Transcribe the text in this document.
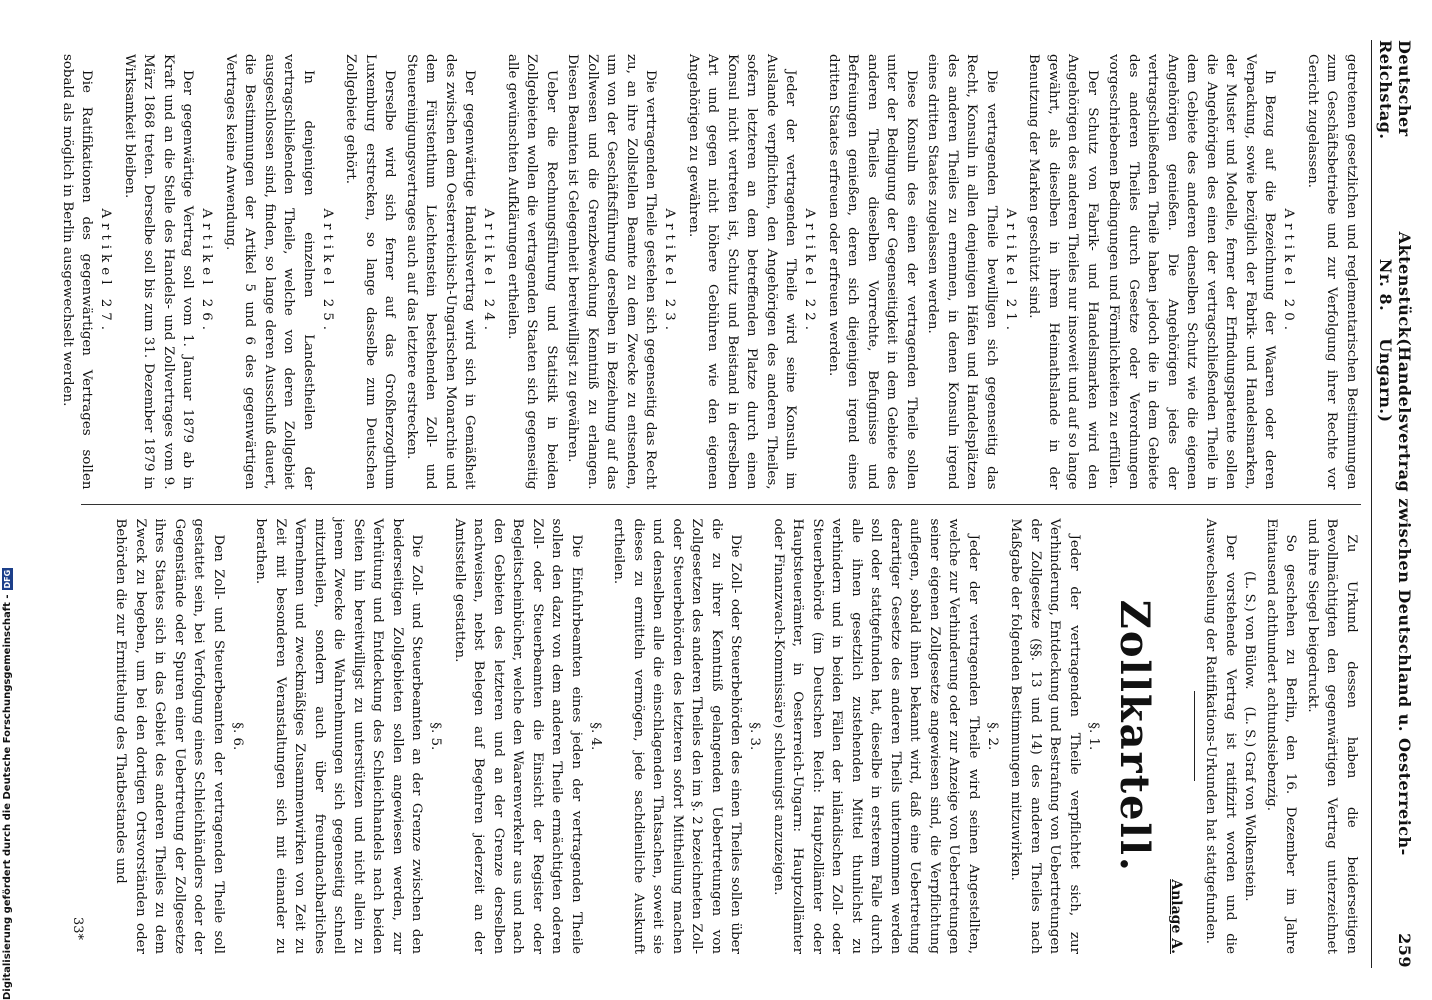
Deutscher Reichstag.
Aktenstück Nr. 8.
(Handelsvertrag zwischen Deutschland u. Oesterreich-Ungarn.)
259

getretenen gesetzlichen und reglementarischen Bestimmungen zum Geschäftsbetriebe und zur Verfolgung ihrer Rechte vor Gericht zugelassen.

Artikel 20.

In Bezug auf die Bezeichnung der Waaren oder deren Verpackung, sowie bezüglich der Fabrik- und Handelsmarken, der Muster und Modelle, ferner der Erfindungspatente sollen die Angehörigen des einen der vertragschließenden Theile in dem Gebiete des anderen denselben Schutz wie die eigenen Angehörigen genießen. Die Angehörigen jedes der vertragschließenden Theile haben jedoch die in dem Gebiete des anderen Theiles durch Gesetze oder Verordnungen vorgeschriebenen Bedingungen und Förmlichkeiten zu erfüllen.

Der Schutz von Fabrik- und Handelsmarken wird den Angehörigen des anderen Theiles nur insoweit und auf so lange gewährt, als dieselben in ihrem Heimathslande in der Benutzung der Marken geschützt sind.

Artikel 21.

Die vertragenden Theile bewilligen sich gegenseitig das Recht, Konsuln in allen denjenigen Häfen und Handelsplätzen des anderen Theiles zu ernennen, in denen Konsuln irgend eines dritten Staates zugelassen werden.

Diese Konsuln des einen der vertragenden Theile sollen unter der Bedingung der Gegenseitigkeit in dem Gebiete des anderen Theiles dieselben Vorrechte, Befugnisse und Befreiungen genießen, deren sich diejenigen irgend eines dritten Staates erfreuen oder erfreuen werden.

Artikel 22.

Jeder der vertragenden Theile wird seine Konsuln im Auslande verpflichten, den Angehörigen des anderen Theiles, sofern letzteren an dem betreffenden Platze durch einen Konsul nicht vertreten ist, Schutz und Beistand in derselben Art und gegen nicht höhere Gebühren wie den eigenen Angehörigen zu gewähren.

Artikel 23.

Die vertragenden Theile gestehen sich gegenseitig das Recht zu, an ihre Zollstellen Beamte zu dem Zwecke zu entsenden, um von der Geschäftsführung derselben in Beziehung auf das Zollwesen und die Grenzbewachung Kenntniß zu erlangen. Diesen Beamten ist Gelegenheit bereitwilligst zu gewähren.

Ueber die Rechnungsführung und Statistik in beiden Zollgebieten wollen die vertragenden Staaten sich gegenseitig alle gewünschten Aufklärungen ertheilen.

Artikel 24.

Der gegenwärtige Handelsvertrag wird sich in Gemäßheit des zwischen dem Oesterreichisch-Ungarischen Monarchie und dem Fürstenthum Liechtenstein bestehenden Zoll- und Steuereinigungsvertrages auch auf das letztere erstrecken.

Derselbe wird sich ferner auf das Großherzogthum Luxemburg erstrecken, so lange dasselbe zum Deutschen Zollgebiete gehört.

Artikel 25.

In denjenigen einzelnen Landestheilen der vertragschließenden Theile, welche von deren Zollgebiet ausgeschlossen sind, finden, so lange deren Ausschluß dauert, die Bestimmungen der Artikel 5 und 6 des gegenwärtigen Vertrages keine Anwendung.

Artikel 26.

Der gegenwärtige Vertrag soll vom 1. Januar 1879 ab in Kraft und an die Stelle des Handels- und Zollvertrages vom 9. März 1868 treten. Derselbe soll bis zum 31. Dezember 1879 in Wirksamkeit bleiben.

Artikel 27.

Die Ratifikationen des gegenwärtigen Vertrages sollen sobald als möglich in Berlin ausgewechselt werden.

Zu Urkund dessen haben die beiderseitigen Bevollmächtigten den gegenwärtigen Vertrag unterzeichnet und ihre Siegel beigedruckt.

So geschehen zu Berlin, den 16. Dezember im Jahre Eintausend achthundert achtundsiebenzig.

(L. S.) von Bülow.    (L. S.) Graf von Wolkenstein.

Der vorstehende Vertrag ist ratifizirt worden und die Auswechselung der Ratifikations-Urkunden hat stattgefunden.

Anlage A.
Zollkartell.
§. 1.

Jeder der vertragenden Theile verpflichtet sich, zur Verhinderung, Entdeckung und Bestrafung von Uebertretungen der Zollgesetze (§§. 13 und 14) des anderen Theiles nach Maßgabe der folgenden Bestimmungen mitzuwirken.

§. 2.

Jeder der vertragenden Theile wird seinen Angestellten, welche zur Verhinderung oder zur Anzeige von Uebertretungen seiner eigenen Zollgesetze angewiesen sind, die Verpflichtung auflegen, sobald ihnen bekannt wird, daß eine Uebertretung derartiger Gesetze des anderen Theils unternommen werden soll oder stattgefunden hat, dieselbe in ersterem Falle durch alle ihnen gesetzlich zustehenden Mittel thunlichst zu verhindern und in beiden Fällen der inländischen Zoll- oder Steuerbehörde (im Deutschen Reich: Hauptzollämter oder Hauptsteuerämter, in Oesterreich-Ungarn: Hauptzollämter oder Finanzwach-Kommissäre) schleunigst anzuzeigen.

§. 3.

Die Zoll- oder Steuerbehörden des einen Theiles sollen über die zu ihrer Kenntniß gelangenden Uebertretungen von Zollgesetzen des anderen Theiles den im §. 2 bezeichneten Zoll- oder Steuerbehörden des letzteren sofort Mittheilung machen und denselben alle die einschlagenden Thatsachen, soweit sie dieses zu ermitteln vermögen, jede sachdienliche Auskunft ertheilen.

§. 4.

Die Einfuhrbeamten eines jeden der vertragenden Theile sollen den dazu von dem anderen Theile ermächtigten oderen Zoll- oder Steuerbeamten die Einsicht der Register oder Begleitscheinbücher, welche den Waarenverkehr aus und nach den Gebieten des letzteren und an der Grenze derselben nachweisen, nebst Belegen auf Begehren jederzeit an der Amtsstelle gestatten.

§. 5.

Die Zoll- und Steuerbeamten an der Grenze zwischen den beiderseitigen Zollgebieten sollen angewiesen werden, zur Verhütung und Entdeckung des Schleichhandels nach beiden Seiten hin bereitwilligst zu unterstützen und nicht allein zu jenem Zwecke die Wahrnehmungen sich gegenseitig schnell mitzutheilen, sondern auch über freundnachbarliches Vernehmen und zweckmäßiges Zusammenwirken von Zeit zu Zeit mit besonderen Veranstaltungen sich mit einander zu berathen.

§. 6.

Den Zoll- und Steuerbeamten der vertragenden Theile soll gestattet sein, bei Verfolgung eines Schleichhändlers oder der Gegenstände oder Spuren einer Uebertretung der Zollgesetze ihres Staates sich in das Gebiet des anderen Theiles zu dem Zweck zu begeben, um bei den dortigen Ortsvorständen oder Behörden die zur Ermittelung des Thatbestandes und

33*
Digitalisierung gefördert durch die Deutsche Forschungsgemeinschaft -
DFG
